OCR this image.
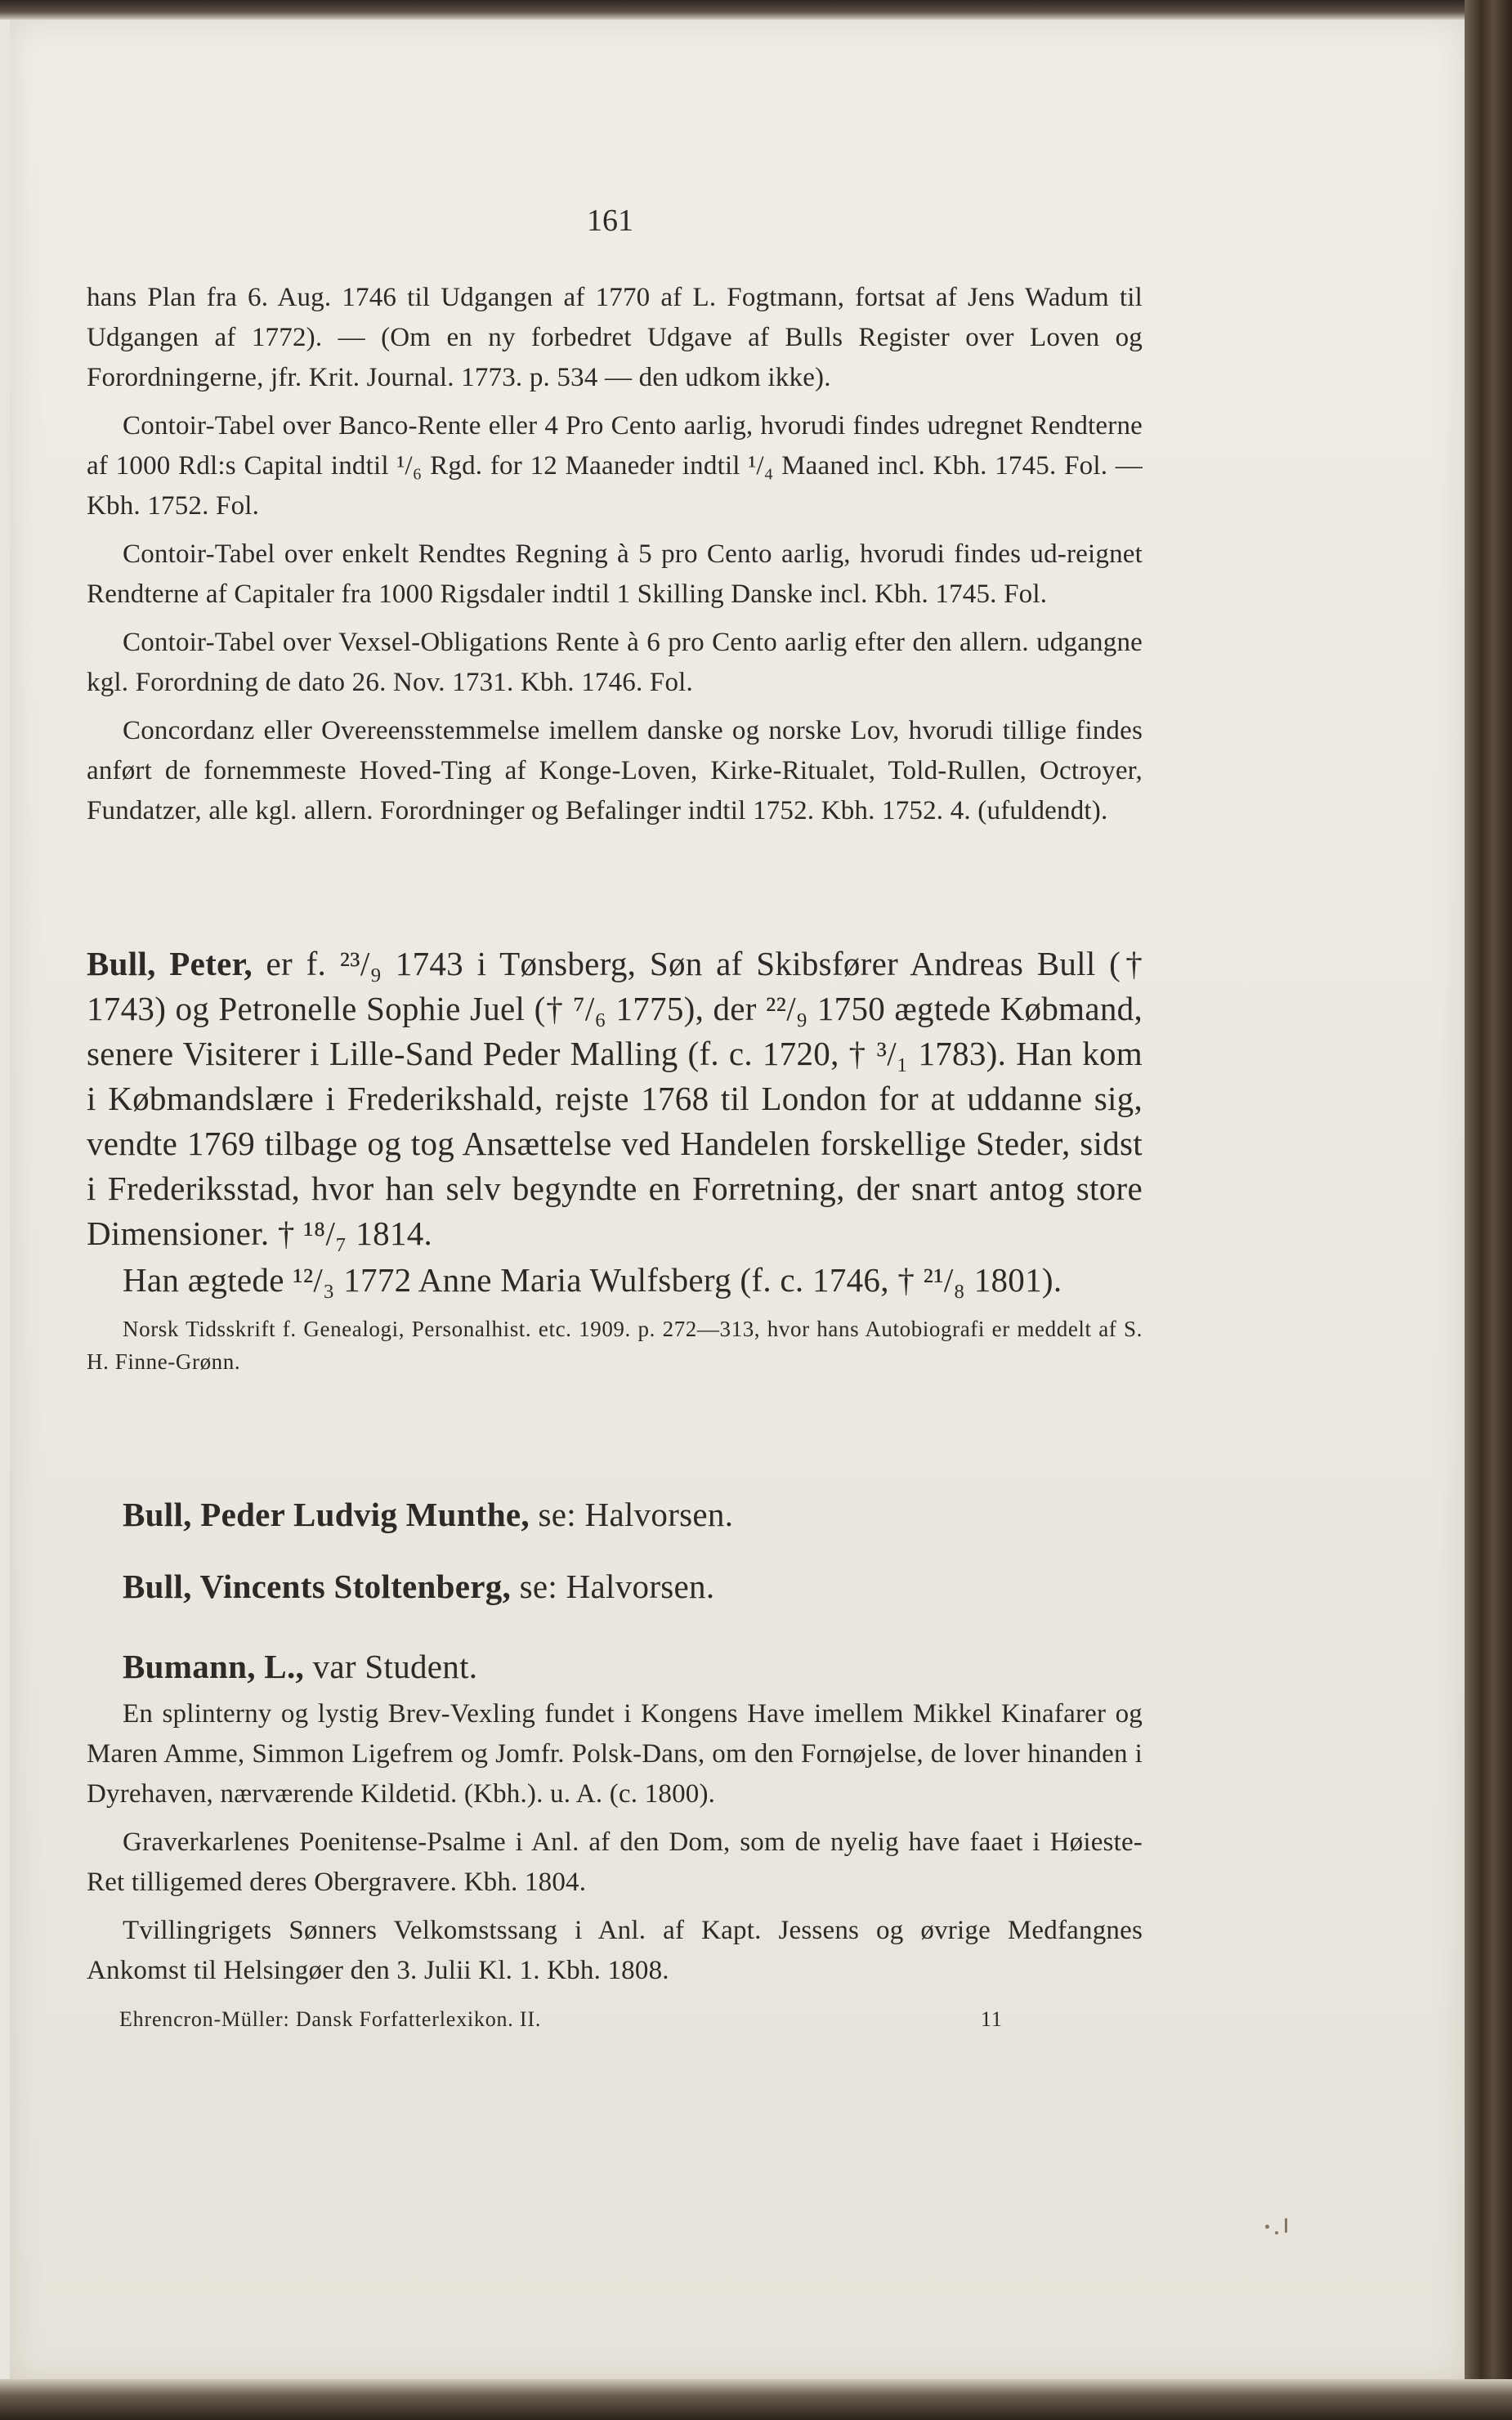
161

hans Plan fra 6. Aug. 1746 til Udgangen af 1770 af L. Fogtmann, fortsat af Jens Wadum til Udgangen af 1772). — (Om en ny forbedret Udgave af Bulls Register over Loven og Forordningerne, jfr. Krit. Journal. 1773. p. 534 — den udkom ikke).

Contoir-Tabel over Banco-Rente eller 4 Pro Cento aarlig, hvorudi findes udregnet Rendterne af 1000 Rdl:s Capital indtil ¹/₆ Rgd. for 12 Maaneder indtil ¹/₄ Maaned incl. Kbh. 1745. Fol. — Kbh. 1752. Fol.

Contoir-Tabel over enkelt Rendtes Regning à 5 pro Cento aarlig, hvorudi findes ud-reignet Rendterne af Capitaler fra 1000 Rigsdaler indtil 1 Skilling Danske incl. Kbh. 1745. Fol.

Contoir-Tabel over Vexsel-Obligations Rente à 6 pro Cento aarlig efter den allern. udgangne kgl. Forordning de dato 26. Nov. 1731. Kbh. 1746. Fol.

Concordanz eller Overeensstemmelse imellem danske og norske Lov, hvorudi tillige findes anført de fornemmeste Hoved-Ting af Konge-Loven, Kirke-Ritualet, Told-Rullen, Octroyer, Fundatzer, alle kgl. allern. Forordninger og Befalinger indtil 1752. Kbh. 1752. 4. (ufuldendt).

Bull, Peter, er f. ²³/₉ 1743 i Tønsberg, Søn af Skibsfører Andreas Bull († 1743) og Petronelle Sophie Juel († ⁷/₆ 1775), der ²²/₉ 1750 ægtede Købmand, senere Visiterer i Lille-Sand Peder Malling (f. c. 1720, † ³/₁ 1783). Han kom i Købmandslære i Frederikshald, rejste 1768 til London for at uddanne sig, vendte 1769 tilbage og tog Ansættelse ved Handelen forskellige Steder, sidst i Frederiksstad, hvor han selv begyndte en Forretning, der snart antog store Dimensioner. † ¹⁸/₇ 1814.

Han ægtede ¹²/₃ 1772 Anne Maria Wulfsberg (f. c. 1746, † ²¹/₈ 1801).

Norsk Tidsskrift f. Genealogi, Personalhist. etc. 1909. p. 272—313, hvor hans Autobiografi er meddelt af S. H. Finne-Grønn.

Bull, Peder Ludvig Munthe, se: Halvorsen.

Bull, Vincents Stoltenberg, se: Halvorsen.

Bumann, L., var Student.

En splinterny og lystig Brev-Vexling fundet i Kongens Have imellem Mikkel Kinafarer og Maren Amme, Simmon Ligefrem og Jomfr. Polsk-Dans, om den Fornøjelse, de lover hinanden i Dyrehaven, nærværende Kildetid. (Kbh.). u. A. (c. 1800).

Graverkarlenes Poenitense-Psalme i Anl. af den Dom, som de nyelig have faaet i Høieste-Ret tilligemed deres Obergravere. Kbh. 1804.

Tvillingrigets Sønners Velkomstssang i Anl. af Kapt. Jessens og øvrige Medfangnes Ankomst til Helsingøer den 3. Julii Kl. 1. Kbh. 1808.

Ehrencron-Müller: Dansk Forfatterlexikon. II.	11
